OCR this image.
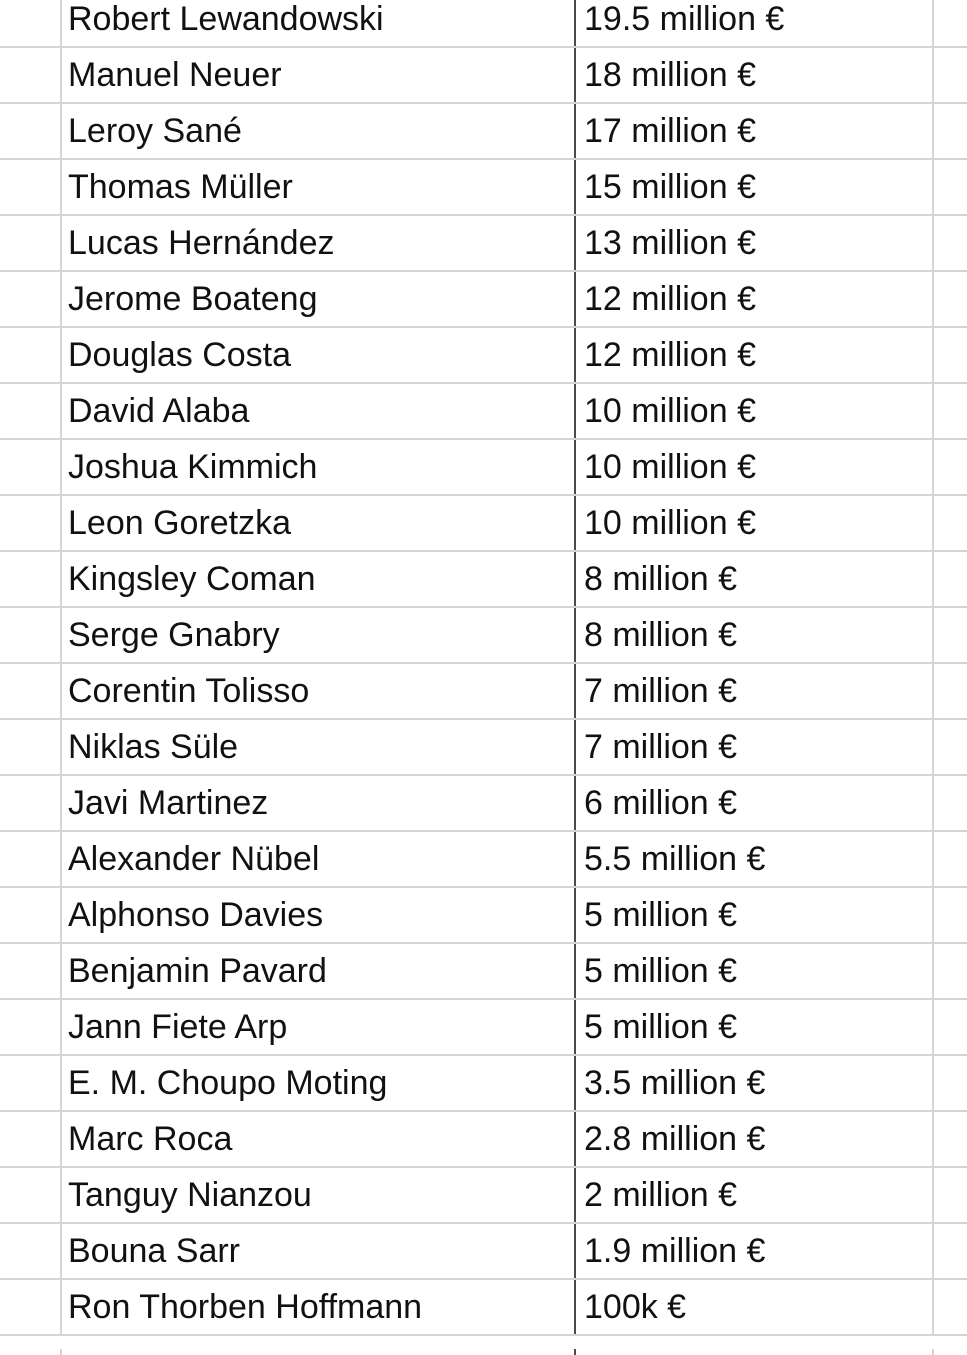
Robert Lewandowski	19.5 million €
Manuel Neuer	18 million €
Leroy Sané	17 million €
Thomas Müller	15 million €
Lucas Hernández	13 million €
Jerome Boateng	12 million €
Douglas Costa	12 million €
David Alaba	10 million €
Joshua Kimmich	10 million €
Leon Goretzka	10 million €
Kingsley Coman	8 million €
Serge Gnabry	8 million €
Corentin Tolisso	7 million €
Niklas Süle	7 million €
Javi Martinez	6 million €
Alexander Nübel	5.5 million €
Alphonso Davies	5 million €
Benjamin Pavard	5 million €
Jann Fiete Arp	5 million €
E. M. Choupo Moting	3.5 million €
Marc Roca	2.8 million €
Tanguy Nianzou	2 million €
Bouna Sarr	1.9 million €
Ron Thorben Hoffmann	100k €
